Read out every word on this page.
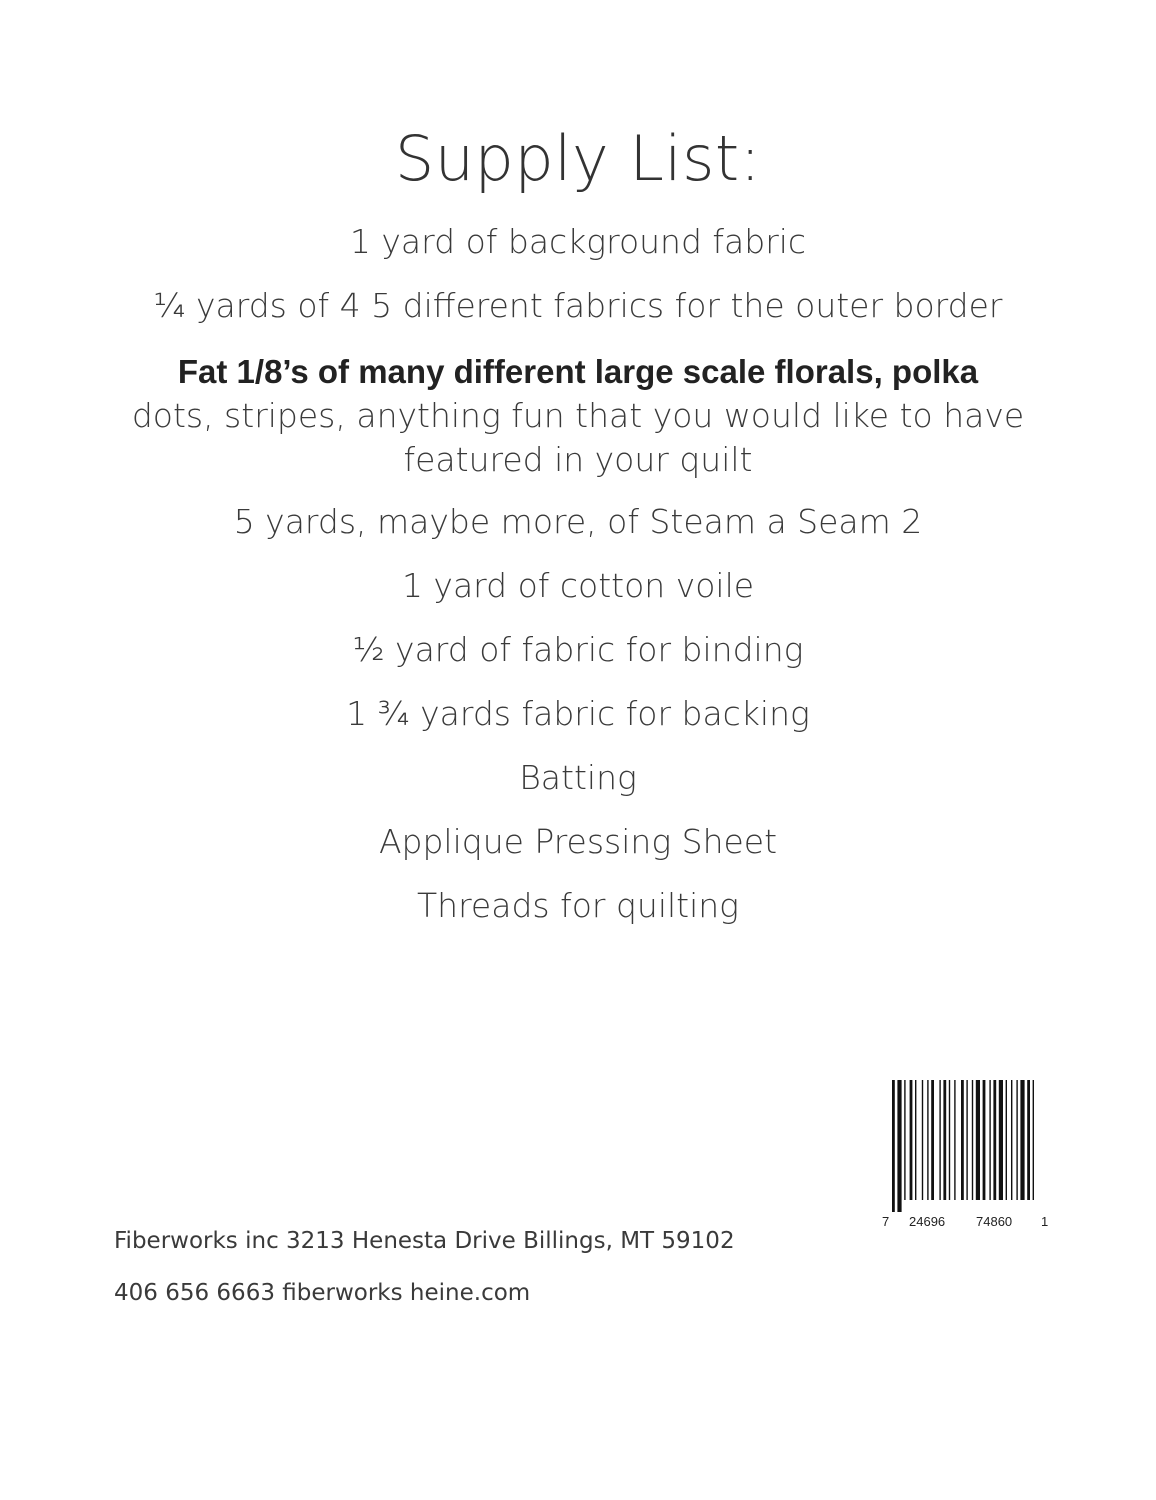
Supply List:
1 yard of background fabric
¼ yards of 4 5 different fabrics for the outer border
Fat 1/8’s of many different large scale florals, polka
dots, stripes, anything fun that you would like to have featured in your quilt
5 yards, maybe more, of Steam a Seam 2
1 yard of cotton voile
½ yard of fabric for binding
1 ¾ yards fabric for backing
Batting
Applique Pressing Sheet
Threads for quilting
7 24696 74860 1
Fiberworks inc 3213 Henesta Drive Billings, MT 59102
406 656 6663 fiberworks heine.com
